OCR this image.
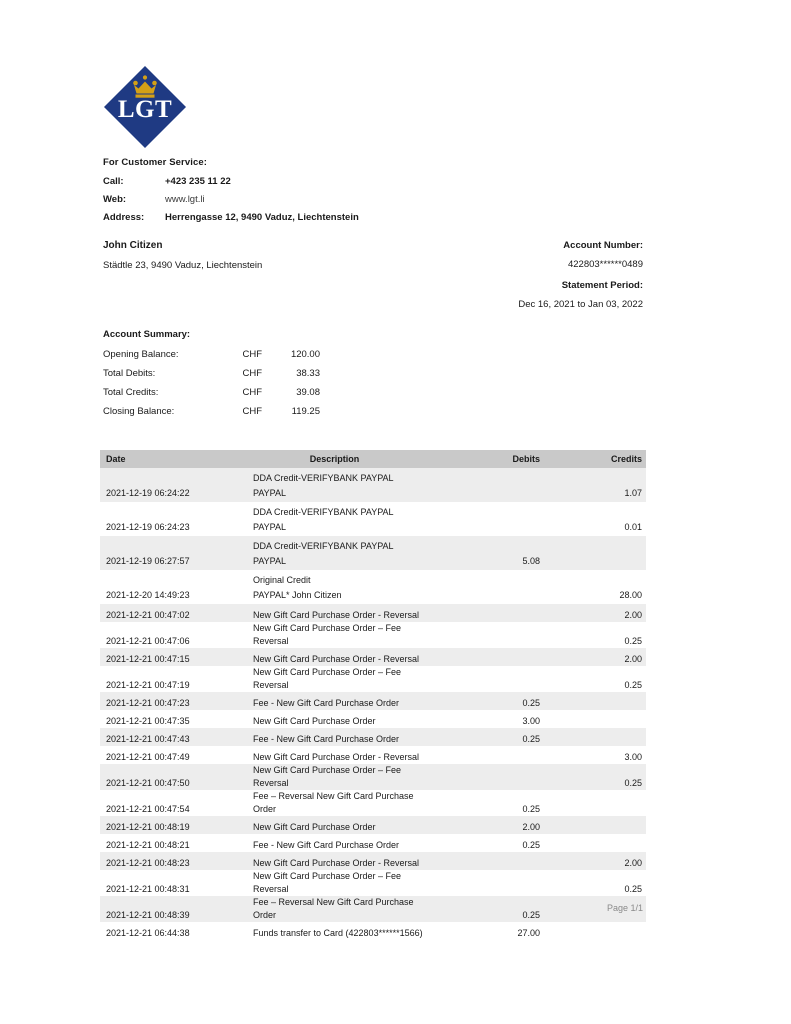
LGT
For Customer Service:
Call:	+423 235 11 22
Web:	www.lgt.li
Address:	Herrengasse 12, 9490 Vaduz, Liechtenstein
John Citizen
Städtle 23, 9490 Vaduz, Liechtenstein
Account Number:
422803******0489
Statement Period:
Dec 16, 2021 to Jan 03, 2022
Account Summary:
Opening Balance:	CHF	120.00
Total Debits:	CHF	38.33
Total Credits:	CHF	39.08
Closing Balance:	CHF	119.25
Date	Description	Debits	Credits
2021-12-19 06:24:22	DDA Credit-VERIFYBANK PAYPAL
PAYPAL		1.07
2021-12-19 06:24:23	DDA Credit-VERIFYBANK PAYPAL
PAYPAL		0.01
2021-12-19 06:27:57	DDA Credit-VERIFYBANK PAYPAL
PAYPAL	5.08	
2021-12-20 14:49:23	Original Credit
PAYPAL* John Citizen		28.00
2021-12-21 00:47:02	New Gift Card Purchase Order - Reversal		2.00
2021-12-21 00:47:06	New Gift Card Purchase Order – Fee Reversal		0.25
2021-12-21 00:47:15	New Gift Card Purchase Order - Reversal		2.00
2021-12-21 00:47:19	New Gift Card Purchase Order – Fee Reversal		0.25
2021-12-21 00:47:23	Fee - New Gift Card Purchase Order	0.25	
2021-12-21 00:47:35	New Gift Card Purchase Order	3.00	
2021-12-21 00:47:43	Fee - New Gift Card Purchase Order	0.25	
2021-12-21 00:47:49	New Gift Card Purchase Order - Reversal		3.00
2021-12-21 00:47:50	New Gift Card Purchase Order – Fee Reversal		0.25
2021-12-21 00:47:54	Fee – Reversal New Gift Card Purchase Order	0.25	
2021-12-21 00:48:19	New Gift Card Purchase Order	2.00	
2021-12-21 00:48:21	Fee - New Gift Card Purchase Order	0.25	
2021-12-21 00:48:23	New Gift Card Purchase Order - Reversal		2.00
2021-12-21 00:48:31	New Gift Card Purchase Order – Fee Reversal		0.25
2021-12-21 00:48:39	Fee – Reversal New Gift Card Purchase Order	0.25	
2021-12-21 06:44:38	Funds transfer to Card (422803******1566)	27.00	
Page 1/1
